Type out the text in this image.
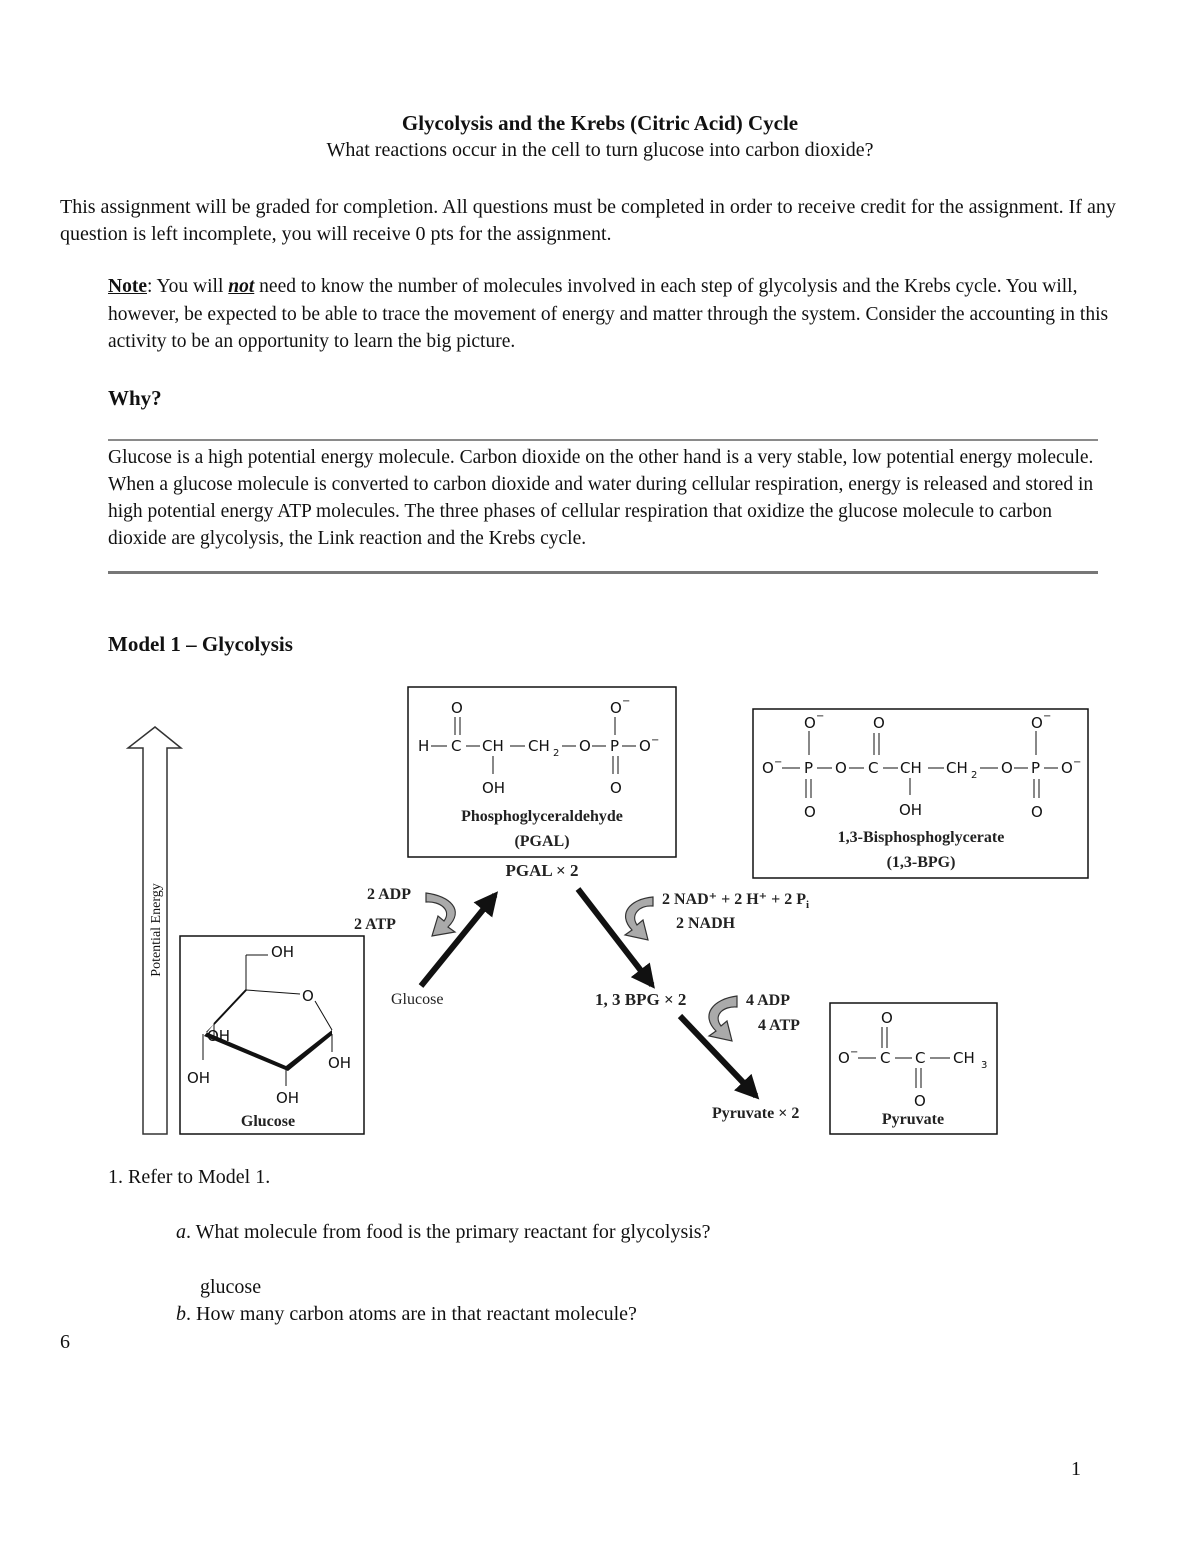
Glycolysis and the Krebs (Citric Acid) Cycle
What reactions occur in the cell to turn glucose into carbon dioxide?
This assignment will be graded for completion. All questions must be completed in order to receive credit for the assignment. If any question is left incomplete, you will receive 0 pts for the assignment.
Note: You will not need to know the number of molecules involved in each step of glycolysis and the Krebs cycle. You will, however, be expected to be able to trace the movement of energy and matter through the system. Consider the accounting in this activity to be an opportunity to learn the big picture.
Why?
Glucose is a high potential energy molecule. Carbon dioxide on the other hand is a very stable, low potential energy molecule. When a glucose molecule is converted to carbon dioxide and water during cellular respiration, energy is released and stored in high potential energy ATP molecules. The three phases of cellular respiration that oxidize the glucose molecule to carbon dioxide are glycolysis, the Link reaction and the Krebs cycle.
Model 1 – Glycolysis
Potential Energy
O
H C CH
OH
CH 2 O P O −
O −
O
Phosphoglyceraldehyde
(PGAL)
O −
O − P O C
O
CH
OH
CH 2 O P O −
O −
O	O
1,3-Bisphosphoglycerate
(1,3-BPG)
OH
O
OH
OH
OH
OH
Glucose
O
O − C C CH 3
O
Pyruvate
PGAL × 2
Glucose	1, 3 BPG × 2
Pyruvate × 2
2 ADP
2 ATP
2 NAD⁺ + 2 H⁺ + 2 $P_i$
2 NADH
4 ADP
4 ATP
1. Refer to Model 1.
a. What molecule from food is the primary reactant for glycolysis?
glucose
b. How many carbon atoms are in that reactant molecule?
6
1
